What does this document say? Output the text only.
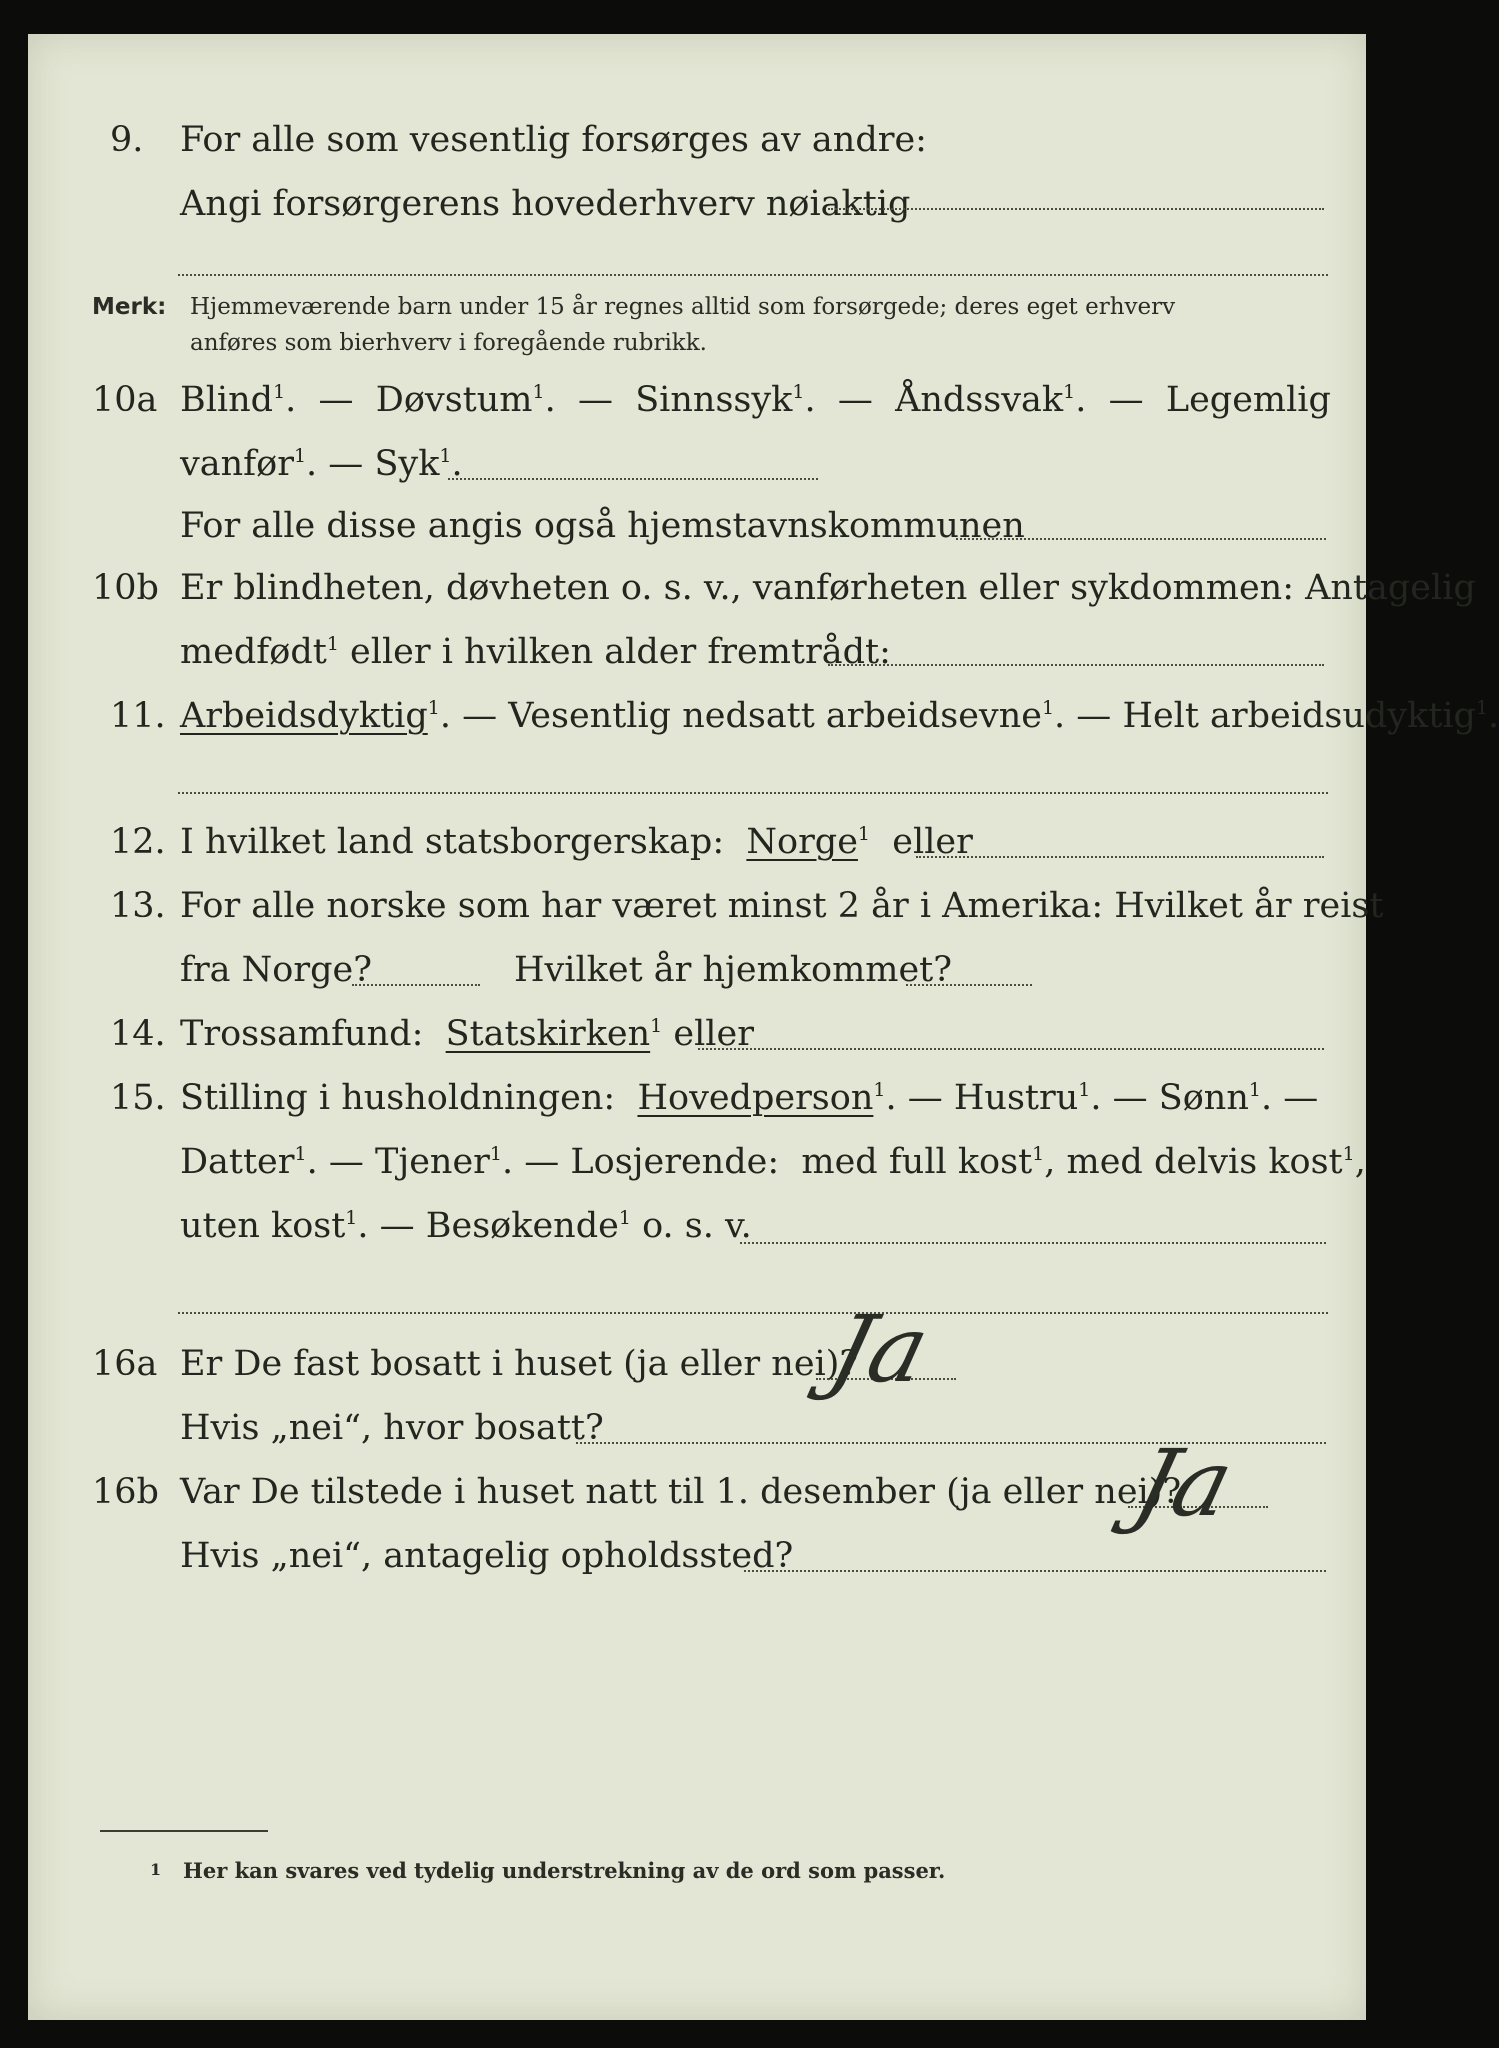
9. For alle som vesentlig forsørges av andre:
Angi forsørgerens hovederhverv nøiaktig
Merk: Hjemmeværende barn under 15 år regnes alltid som forsørgede; deres eget erhverv
anføres som bierhverv i foregående rubrikk.
10a Blind$^1$.  —  Døvstum$^1$.  —  Sinnssyk$^1$.  —  Åndssvak$^1$.  —  Legemlig
vanfør$^1$. — Syk$^1$.
For alle disse angis også hjemstavnskommunen
10b Er blindheten, døvheten o. s. v., vanførheten eller sykdommen: Antagelig
medfødt$^1$ eller i hvilken alder fremtrådt:
11. Arbeidsdyktig$^1$. — Vesentlig nedsatt arbeidsevne$^1$. — Helt arbeidsudyktig$^1$.
12. I hvilket land statsborgerskap: Norge$^1$ eller
13. For alle norske som har været minst 2 år i Amerika: Hvilket år reist
fra Norge?	Hvilket år hjemkommet?
14. Trossamfund: Statskirken$^1$ eller
15. Stilling i husholdningen: Hovedperson$^1$. — Hustru$^1$. — Sønn$^1$. —
Datter$^1$. — Tjener$^1$. — Losjerende: med full kost$^1$, med delvis kost$^1$,
uten kost$^1$. — Besøkende$^1$ o. s. v.
16a Er De fast bosatt i huset (ja eller nei)?
Ja
Hvis „nei“, hvor bosatt?
16b Var De tilstede i huset natt til 1. desember (ja eller nei)?
Ja
Hvis „nei“, antagelig opholdssted?
1 Her kan svares ved tydelig understrekning av de ord som passer.
